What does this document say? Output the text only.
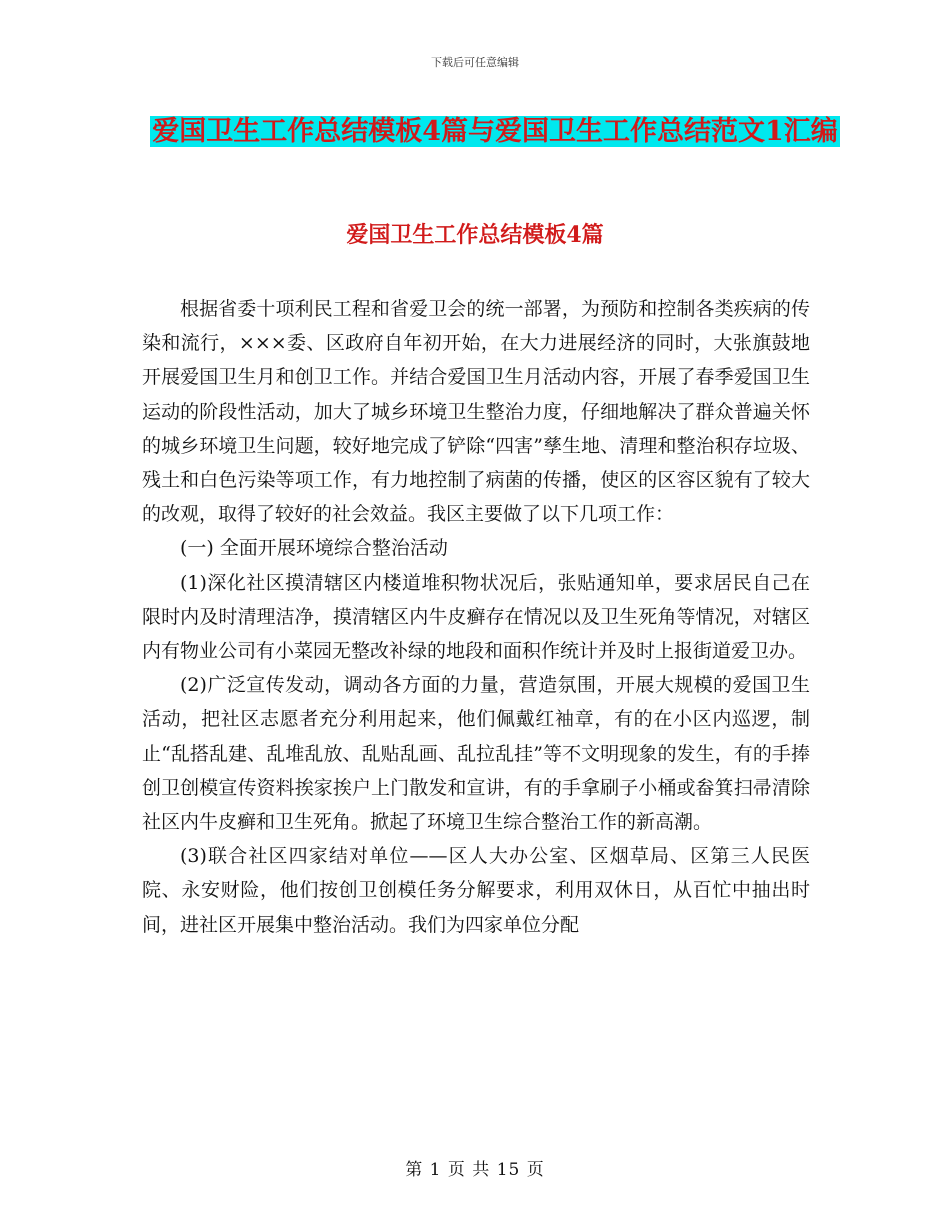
下载后可任意编辑
爱国卫生工作总结模板4篇与爱国卫生工作总结范文1汇编
爱国卫生工作总结模板4篇

根据省委十项利民工程和省爱卫会的统一部署，为预防和控制各类疾病的传染和流行，×××委、区政府自年初开始，在大力进展经济的同时，大张旗鼓地开展爱国卫生月和创卫工作。并结合爱国卫生月活动内容，开展了春季爱国卫生运动的阶段性活动，加大了城乡环境卫生整治力度，仔细地解决了群众普遍关怀的城乡环境卫生问题，较好地完成了铲除“四害”孳生地、清理和整治积存垃圾、残土和白色污染等项工作，有力地控制了病菌的传播，使区的区容区貌有了较大的改观，取得了较好的社会效益。我区主要做了以下几项工作：

(一) 全面开展环境综合整治活动

(1)深化社区摸清辖区内楼道堆积物状况后，张贴通知单，要求居民自己在限时内及时清理洁净，摸清辖区内牛皮癣存在情况以及卫生死角等情况，对辖区内有物业公司有小菜园无整改补绿的地段和面积作统计并及时上报街道爱卫办。

(2)广泛宣传发动，调动各方面的力量，营造氛围，开展大规模的爱国卫生活动，把社区志愿者充分利用起来，他们佩戴红袖章，有的在小区内巡逻，制止“乱搭乱建、乱堆乱放、乱贴乱画、乱拉乱挂”等不文明现象的发生，有的手捧创卫创模宣传资料挨家挨户上门散发和宣讲，有的手拿刷子小桶或畚箕扫帚清除社区内牛皮癣和卫生死角。掀起了环境卫生综合整治工作的新高潮。

(3)联合社区四家结对单位——区人大办公室、区烟草局、区第三人民医院、永安财险，他们按创卫创模任务分解要求，利用双休日，从百忙中抽出时间，进社区开展集中整治活动。我们为四家单位分配

第 1 页 共 15 页
